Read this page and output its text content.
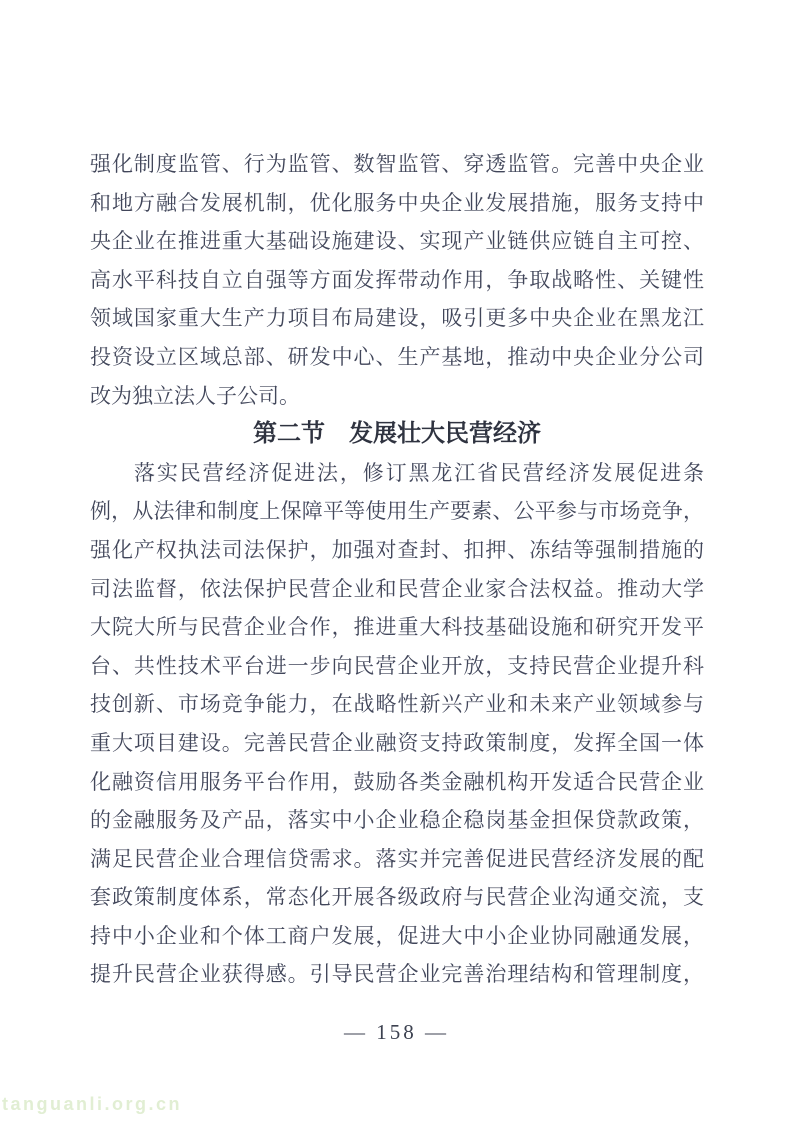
强化制度监管、行为监管、数智监管、穿透监管。完善中央企业
和地方融合发展机制，优化服务中央企业发展措施，服务支持中
央企业在推进重大基础设施建设、实现产业链供应链自主可控、
高水平科技自立自强等方面发挥带动作用，争取战略性、关键性
领域国家重大生产力项目布局建设，吸引更多中央企业在黑龙江
投资设立区域总部、研发中心、生产基地，推动中央企业分公司
改为独立法人子公司。
第二节 发展壮大民营经济
落实民营经济促进法，修订黑龙江省民营经济发展促进条
例，从法律和制度上保障平等使用生产要素、公平参与市场竞争，
强化产权执法司法保护，加强对查封、扣押、冻结等强制措施的
司法监督，依法保护民营企业和民营企业家合法权益。推动大学
大院大所与民营企业合作，推进重大科技基础设施和研究开发平
台、共性技术平台进一步向民营企业开放，支持民营企业提升科
技创新、市场竞争能力，在战略性新兴产业和未来产业领域参与
重大项目建设。完善民营企业融资支持政策制度，发挥全国一体
化融资信用服务平台作用，鼓励各类金融机构开发适合民营企业
的金融服务及产品，落实中小企业稳企稳岗基金担保贷款政策，
满足民营企业合理信贷需求。落实并完善促进民营经济发展的配
套政策制度体系，常态化开展各级政府与民营企业沟通交流，支
持中小企业和个体工商户发展，促进大中小企业协同融通发展，
提升民营企业获得感。引导民营企业完善治理结构和管理制度，
— 158 —
tanguanli.org.cn
